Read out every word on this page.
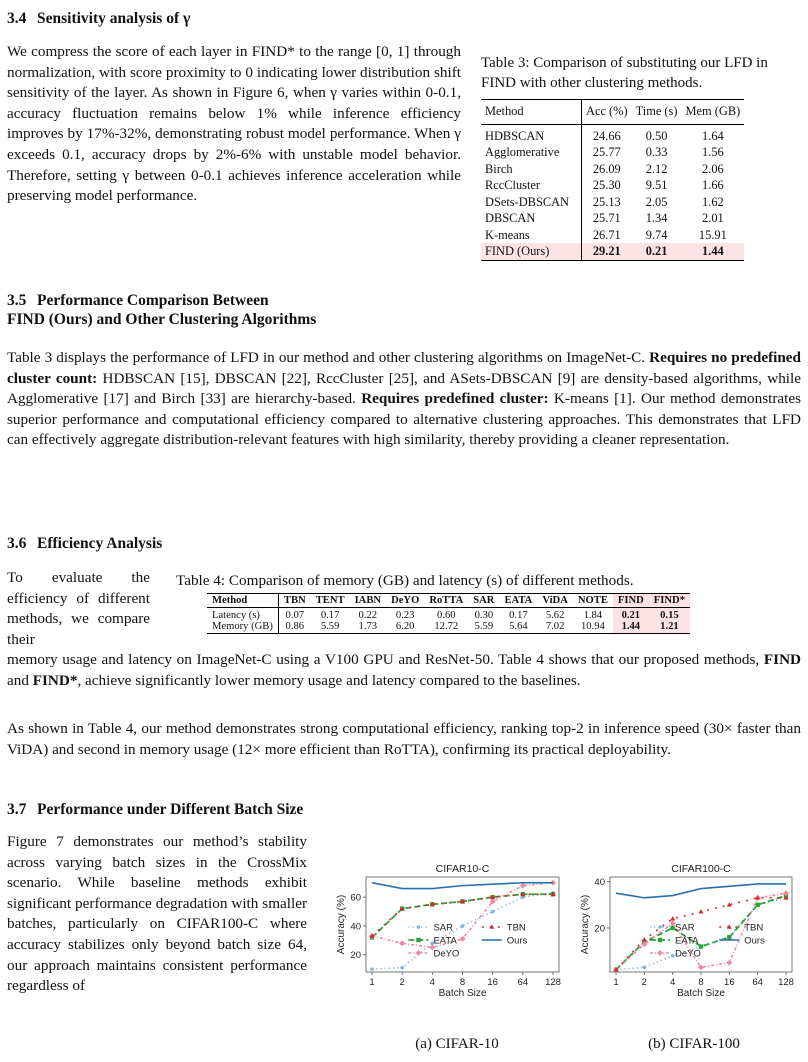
3.4 Sensitivity analysis of γ
We compress the score of each layer in FIND* to the range [0, 1] through normalization, with score proximity to 0 indicating lower distribution shift sensitivity of the layer. As shown in Figure 6, when γ varies within 0-0.1, accuracy fluctuation remains below 1% while inference efficiency improves by 17%-32%, demonstrating robust model performance. When γ exceeds 0.1, accuracy drops by 2%-6% with unstable model behavior. Therefore, setting γ between 0-0.1 achieves inference acceleration while preserving model performance.
Table 3: Comparison of substituting our LFD in FIND with other clustering methods.
Method	Acc (%)	Time (s)	Mem (GB)
HDBSCAN	24.66	0.50	1.64
Agglomerative	25.77	0.33	1.56
Birch	26.09	2.12	2.06
RccCluster	25.30	9.51	1.66
DSets-DBSCAN	25.13	2.05	1.62
DBSCAN	25.71	1.34	2.01
K-means	26.71	9.74	15.91
FIND (Ours)	29.21	0.21	1.44
3.5 Performance Comparison Between
FIND (Ours) and Other Clustering Algorithms
Table 3 displays the performance of LFD in our method and other clustering algorithms on ImageNet-C. Requires no predefined cluster count: HDBSCAN [15], DBSCAN [22], RccCluster [25], and ASets-DBSCAN [9] are density-based algorithms, while Agglomerative [17] and Birch [33] are hierarchy-based. Requires predefined cluster: K-means [1]. Our method demonstrates superior performance and computational efficiency compared to alternative clustering approaches. This demonstrates that LFD can effectively aggregate distribution-relevant features with high similarity, thereby providing a cleaner representation.
3.6 Efficiency Analysis
To evaluate the efficiency of different methods, we compare their
Table 4: Comparison of memory (GB) and latency (s) of different methods.
Method	TBN	TENT	IABN	DeYO	RoTTA	SAR	EATA	ViDA	NOTE	FIND	FIND*
Latency (s)	0.07	0.17	0.22	0.23	0.60	0.30	0.17	5.62	1.84	0.21	0.15
Memory (GB)	0.86	5.59	1.73	6.20	12.72	5.59	5.64	7.02	10.94	1.44	1.21
memory usage and latency on ImageNet-C using a V100 GPU and ResNet-50. Table 4 shows that our proposed methods, FIND and FIND*, achieve significantly lower memory usage and latency compared to the baselines.
As shown in Table 4, our method demonstrates strong computational efficiency, ranking top-2 in inference speed (30× faster than ViDA) and second in memory usage (12× more efficient than RoTTA), confirming its practical deployability.
3.7 Performance under Different Batch Size
Figure 7 demonstrates our method’s stability across varying batch sizes in the CrossMix scenario. While baseline methods exhibit significant performance degradation with smaller batches, particularly on CIFAR100-C where accuracy stabilizes only beyond batch size 64, our approach maintains consistent performance regardless of
CIFAR10-C
20
40
60
1	2	4	8 16 64 128
Batch Size
Accuracy (%)	SAR
EATA
DeYO
TBN
Ours
CIFAR100-C
20
40
1 2 4 8 16 64 128
Batch Size
Accuracy (%)	SAR
EATA
DeYO
TBN
Ours
(a) CIFAR-10	(b) CIFAR-100
